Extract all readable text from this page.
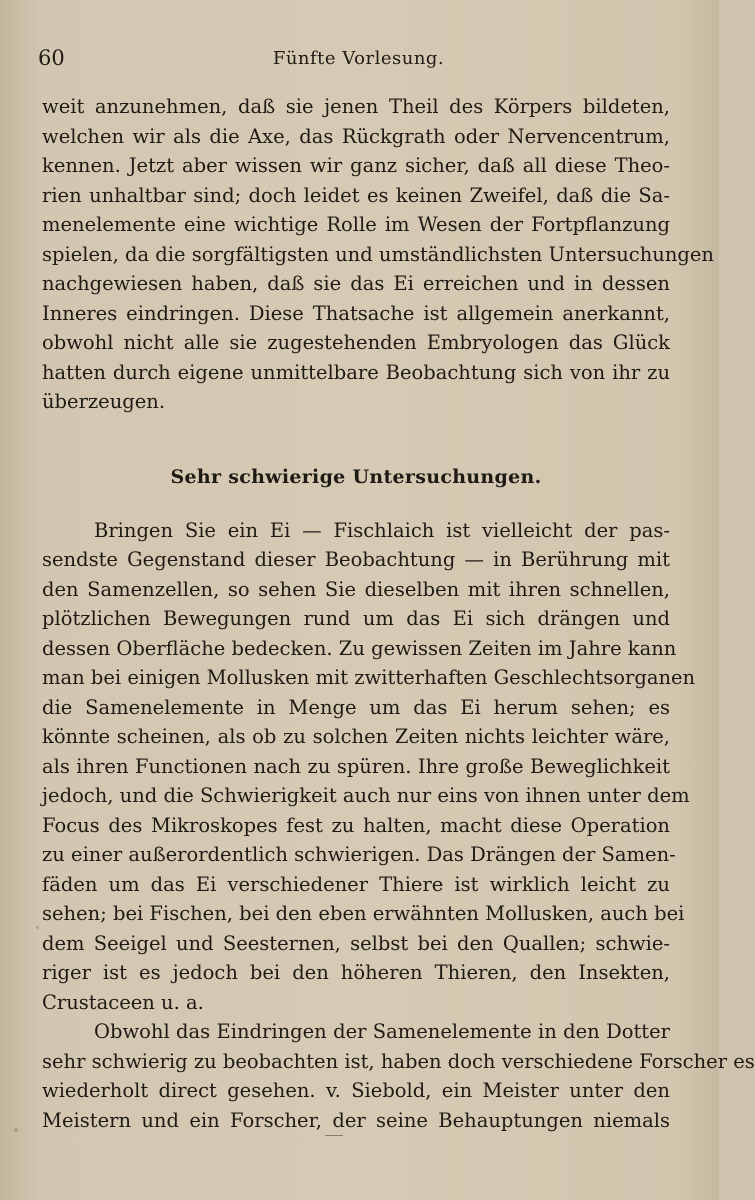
60	Fünfte Vorlesung.
weit anzunehmen, daß sie jenen Theil des Körpers bildeten,
welchen wir als die Axe, das Rückgrath oder Nervencentrum,
kennen. Jetzt aber wissen wir ganz sicher, daß all diese Theo-
rien unhaltbar sind; doch leidet es keinen Zweifel, daß die Sa-
menelemente eine wichtige Rolle im Wesen der Fortpflanzung
spielen, da die sorgfältigsten und umständlichsten Untersuchungen
nachgewiesen haben, daß sie das Ei erreichen und in dessen
Inneres eindringen. Diese Thatsache ist allgemein anerkannt,
obwohl nicht alle sie zugestehenden Embryologen das Glück
hatten durch eigene unmittelbare Beobachtung sich von ihr zu
überzeugen.
Sehr schwierige Untersuchungen.
Bringen Sie ein Ei — Fischlaich ist vielleicht der pas-
sendste Gegenstand dieser Beobachtung — in Berührung mit
den Samenzellen, so sehen Sie dieselben mit ihren schnellen,
plötzlichen Bewegungen rund um das Ei sich drängen und
dessen Oberfläche bedecken. Zu gewissen Zeiten im Jahre kann
man bei einigen Mollusken mit zwitterhaften Geschlechtsorganen
die Samenelemente in Menge um das Ei herum sehen; es
könnte scheinen, als ob zu solchen Zeiten nichts leichter wäre,
als ihren Functionen nach zu spüren. Ihre große Beweglichkeit
jedoch, und die Schwierigkeit auch nur eins von ihnen unter dem
Focus des Mikroskopes fest zu halten, macht diese Operation
zu einer außerordentlich schwierigen. Das Drängen der Samen-
fäden um das Ei verschiedener Thiere ist wirklich leicht zu
sehen; bei Fischen, bei den eben erwähnten Mollusken, auch bei
dem Seeigel und Seesternen, selbst bei den Quallen; schwie-
riger ist es jedoch bei den höheren Thieren, den Insekten,
Crustaceen u. a.
Obwohl das Eindringen der Samenelemente in den Dotter
sehr schwierig zu beobachten ist, haben doch verschiedene Forscher es
wiederholt direct gesehen. v. Siebold, ein Meister unter den
Meistern und ein Forscher, der seine Behauptungen niemals
